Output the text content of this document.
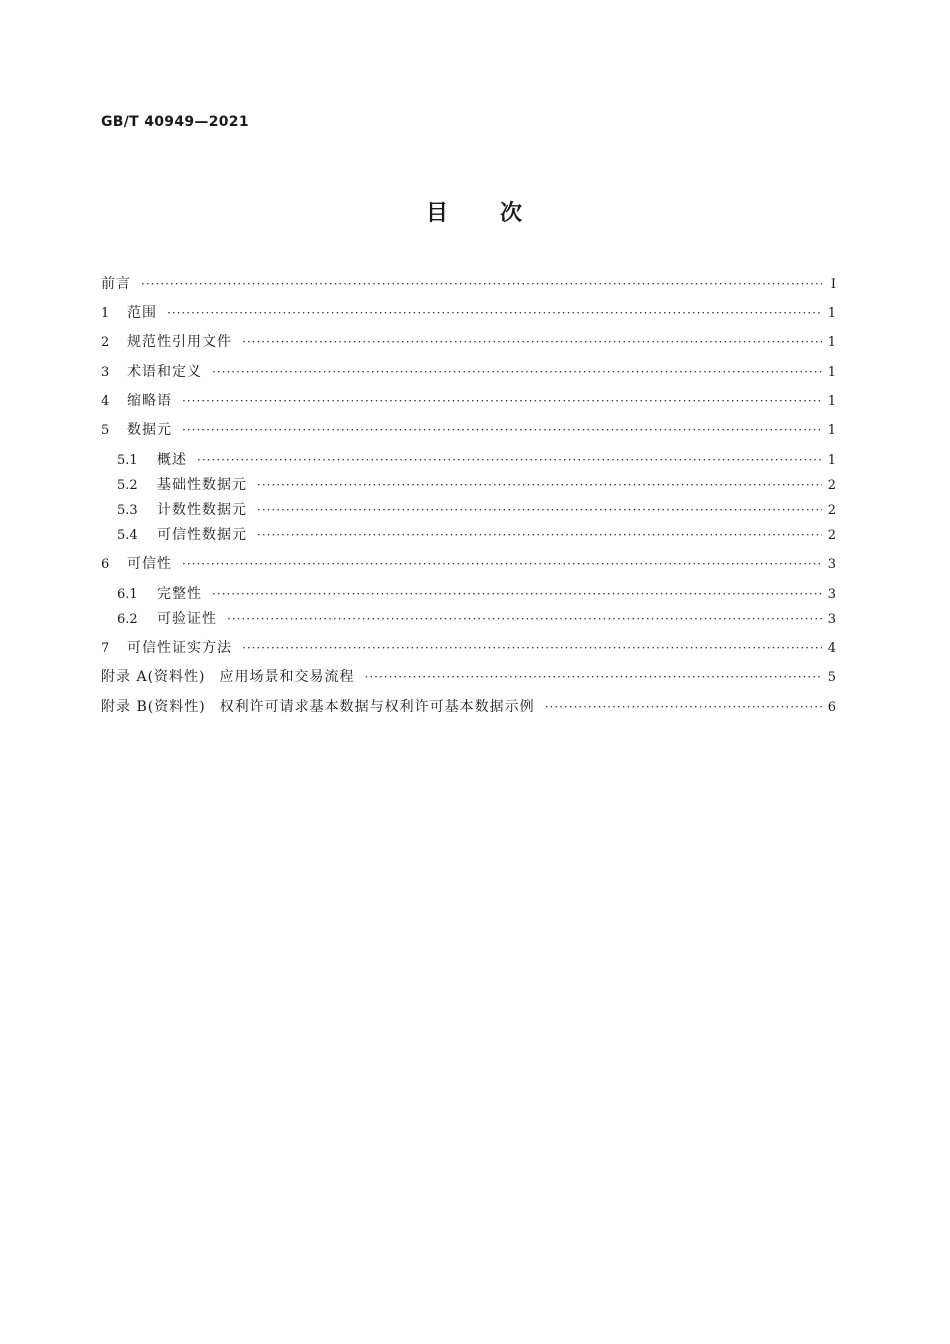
GB/T 40949—2021
目 次
前言 ·····	I
1	范围 ·····	1
2	规范性引用文件 ·····	1
3	术语和定义 ·····	1
4	缩略语 ·····	1
5	数据元 ·····	1
5.1	概述 ·····	1
5.2	基础性数据元 ·····	2
5.3	计数性数据元 ·····	2
5.4	可信性数据元 ·····	2
6	可信性 ·····	3
6.1	完整性 ·····	3
6.2	可验证性 ·····	3
7	可信性证实方法 ·····	4
附录 A (资料性) 应用场景和交易流程 ·····	5
附录 B (资料性) 权利许可请求基本数据与权利许可基本数据示例 ·····	6
